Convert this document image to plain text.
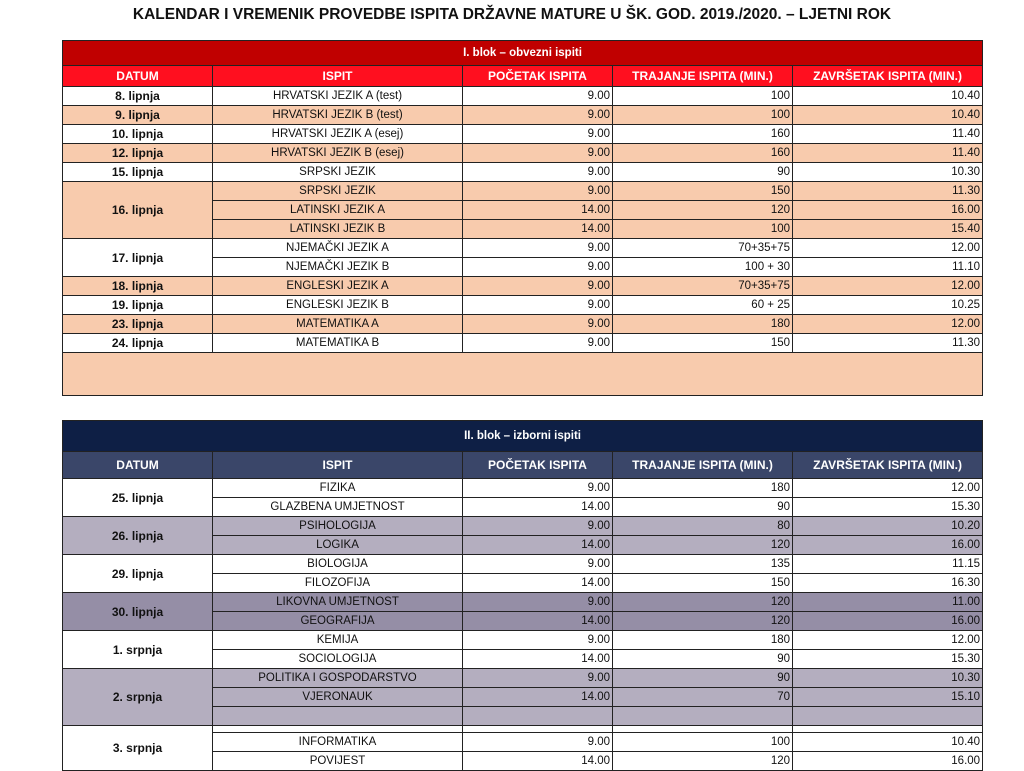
KALENDAR I VREMENIK PROVEDBE ISPITA DRŽAVNE MATURE U ŠK. GOD. 2019./2020. – LJETNI ROK
I. blok – obvezni ispiti				
DATUM	ISPIT	POČETAK ISPITA	TRAJANJE ISPITA (MIN.)	ZAVRŠETAK ISPITA (MIN.)
8. lipnja	HRVATSKI JEZIK A (test)	9.00	100	10.40
9. lipnja	HRVATSKI JEZIK B (test)	9.00	100	10.40
10. lipnja	HRVATSKI JEZIK A (esej)	9.00	160	11.40
12. lipnja	HRVATSKI JEZIK B (esej)	9.00	160	11.40
15. lipnja	SRPSKI JEZIK	9.00	90	10.30
16. lipnja	SRPSKI JEZIK	9.00	150	11.30
	LATINSKI JEZIK A	14.00	120	16.00
	LATINSKI JEZIK B	14.00	100	15.40
17. lipnja	NJEMAČKI JEZIK A	9.00	70+35+75	12.00
	NJEMAČKI JEZIK B	9.00	100 + 30	11.10
18. lipnja	ENGLESKI JEZIK A	9.00	70+35+75	12.00
19. lipnja	ENGLESKI JEZIK B	9.00	60 + 25	10.25
23. lipnja	MATEMATIKA A	9.00	180	12.00
24. lipnja	MATEMATIKA B	9.00	150	11.30

II. blok – izborni ispiti				
DATUM	ISPIT	POČETAK ISPITA	TRAJANJE ISPITA (MIN.)	ZAVRŠETAK ISPITA (MIN.)
25. lipnja	FIZIKA	9.00	180	12.00
	GLAZBENA UMJETNOST	14.00	90	15.30
26. lipnja	PSIHOLOGIJA	9.00	80	10.20
	LOGIKA	14.00	120	16.00
29. lipnja	BIOLOGIJA	9.00	135	11.15
	FILOZOFIJA	14.00	150	16.30
30. lipnja	LIKOVNA UMJETNOST	9.00	120	11.00
	GEOGRAFIJA	14.00	120	16.00
1. srpnja	KEMIJA	9.00	180	12.00
	SOCIOLOGIJA	14.00	90	15.30
2. srpnja	POLITIKA I GOSPODARSTVO	9.00	90	10.30
	VJERONAUK	14.00	70	15.10

3. srpnja				
	INFORMATIKA	9.00	100	10.40
	POVIJEST	14.00	120	16.00
